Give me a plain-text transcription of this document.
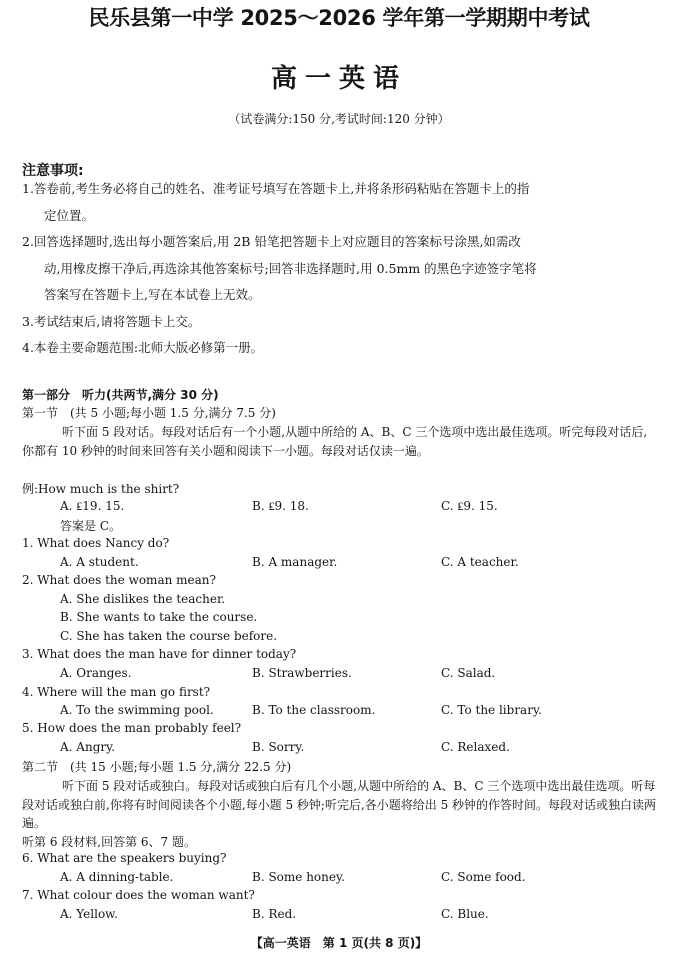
民乐县第一中学 2025～2026 学年第一学期期中考试
高一英语
（试卷满分:150 分,考试时间:120 分钟）
注意事项:
1.答卷前,考生务必将自己的姓名、准考证号填写在答题卡上,并将条形码粘贴在答题卡上的指
定位置。
2.回答选择题时,选出每小题答案后,用 2B 铅笔把答题卡上对应题目的答案标号涂黑,如需改
动,用橡皮擦干净后,再选涂其他答案标号;回答非选择题时,用 0.5mm 的黑色字迹签字笔将
答案写在答题卡上,写在本试卷上无效。
3.考试结束后,请将答题卡上交。
4.本卷主要命题范围:北师大版必修第一册。
第一部分　听力(共两节,满分 30 分)
第一节　(共 5 小题;每小题 1.5 分,满分 7.5 分)
听下面 5 段对话。每段对话后有一个小题,从题中所给的 A、B、C 三个选项中选出最佳选项。听完每段对话后,你都有 10 秒钟的时间来回答有关小题和阅读下一小题。每段对话仅读一遍。
例:How much is the shirt?
A. ₤19. 15.	B. ₤9. 18.	C. ₤9. 15.
答案是 C。
1. What does Nancy do?
A. A student.	B. A manager.	C. A teacher.
2. What does the woman mean?
A. She dislikes the teacher.
B. She wants to take the course.
C. She has taken the course before.
3. What does the man have for dinner today?
A. Oranges.	B. Strawberries.	C. Salad.
4. Where will the man go first?
A. To the swimming pool.	B. To the classroom.	C. To the library.
5. How does the man probably feel?
A. Angry.	B. Sorry.	C. Relaxed.
第二节　(共 15 小题;每小题 1.5 分,满分 22.5 分)
听下面 5 段对话或独白。每段对话或独白后有几个小题,从题中所给的 A、B、C 三个选项中选出最佳选项。听每段对话或独白前,你将有时间阅读各个小题,每小题 5 秒钟;听完后,各小题将给出 5 秒钟的作答时间。每段对话或独白读两遍。
听第 6 段材料,回答第 6、7 题。
6. What are the speakers buying?
A. A dinning-table.	B. Some honey.	C. Some food.
7. What colour does the woman want?
A. Yellow.	B. Red.	C. Blue.
【高一英语　第 1 页(共 8 页)】
